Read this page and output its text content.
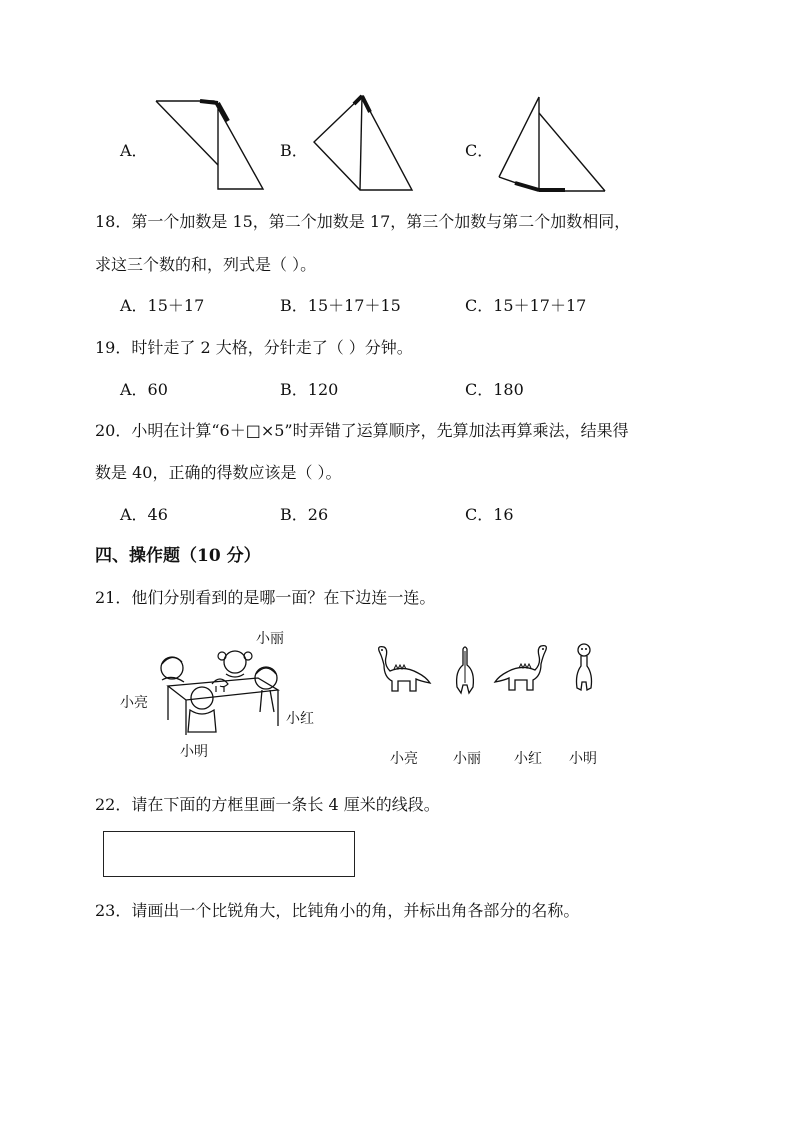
A．	B．	C．
18．第一个加数是 15，第二个加数是 17，第三个加数与第二个加数相同，
求这三个数的和，列式是（ ）。
A．15＋17	B．15＋17＋15	C．15＋17＋17
19．时针走了 2 大格，分针走了（ ）分钟。
A．60	B．120	C．180
20．小明在计算“6＋□×5”时弄错了运算顺序，先算加法再算乘法，结果得
数是 40，正确的得数应该是（ ）。
A．46	B．26	C．16
四、操作题（10 分）
21．他们分别看到的是哪一面？在下边连一连。
小丽
小亮
小红
小明	小亮	小丽 小红 小明
22．请在下面的方框里画一条长 4 厘米的线段。
23．请画出一个比锐角大，比钝角小的角，并标出角各部分的名称。
